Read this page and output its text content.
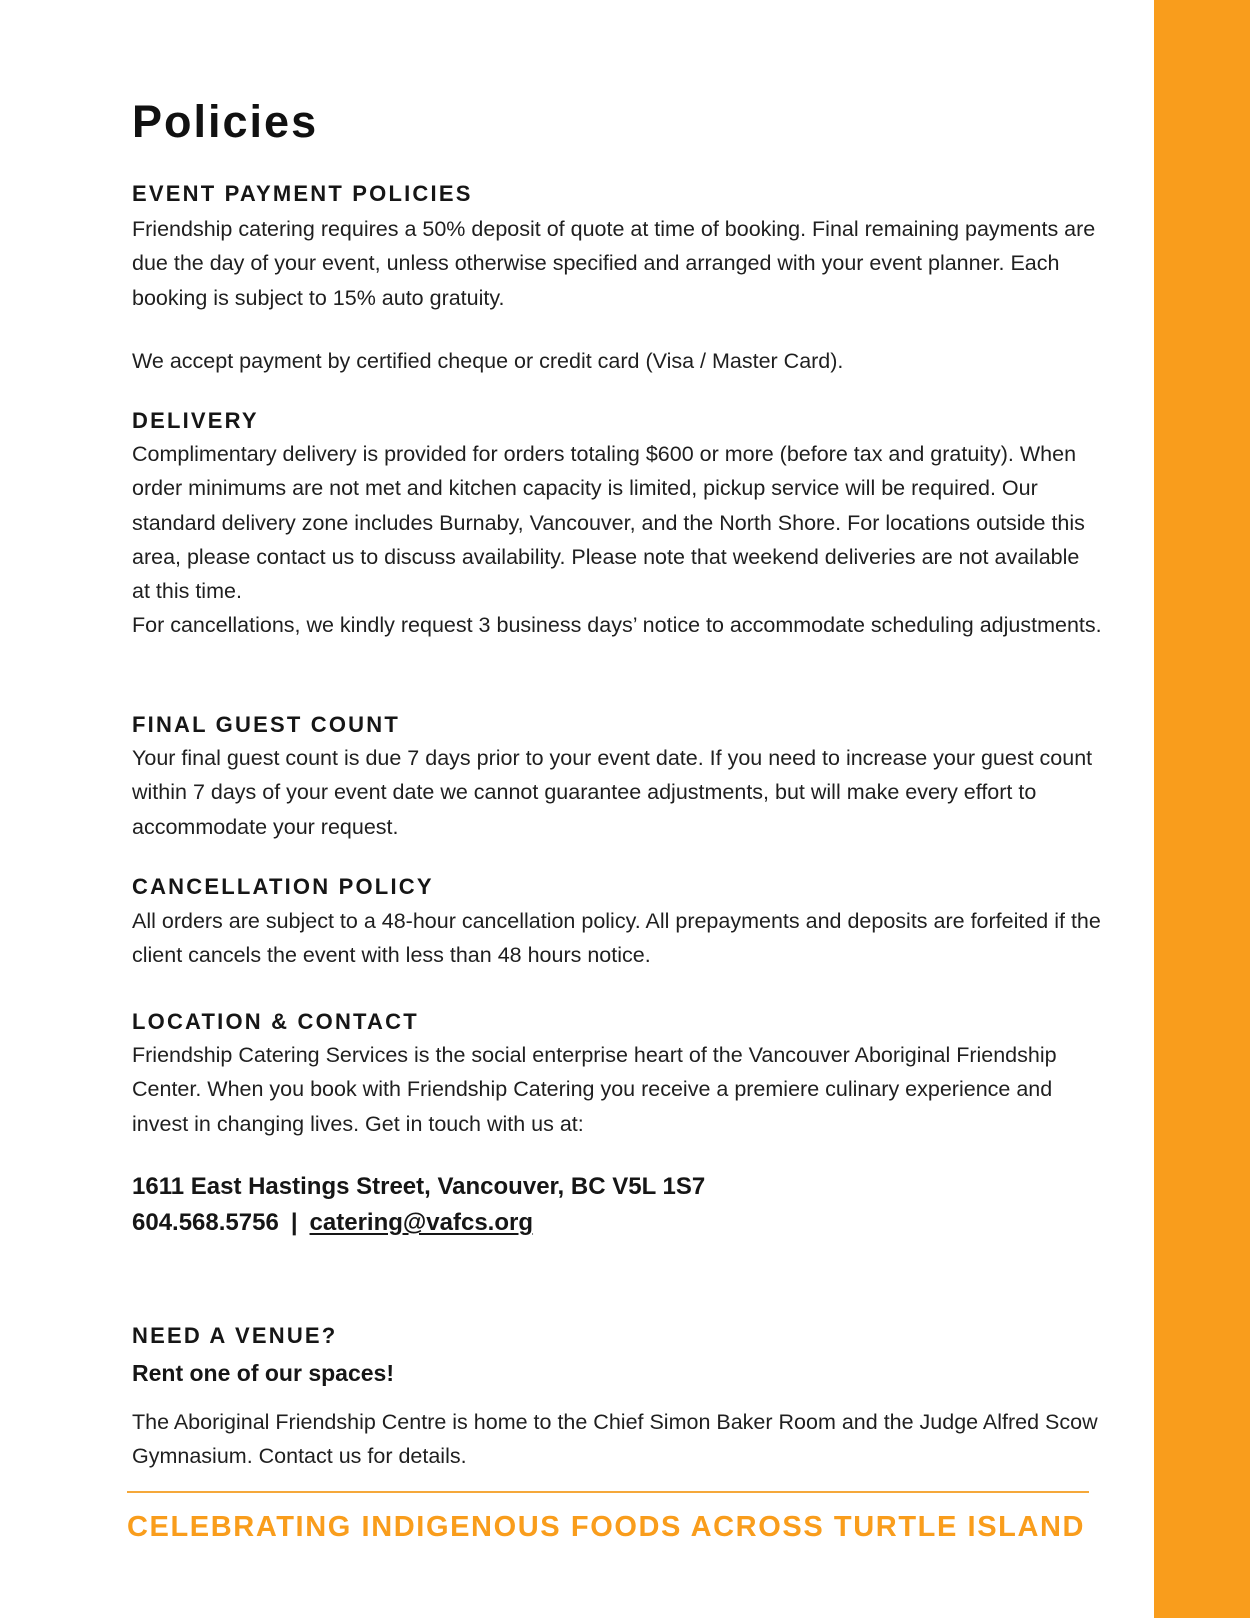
Policies
EVENT PAYMENT POLICIES
Friendship catering requires a 50% deposit of quote at time of booking. Final remaining payments are due the day of your event, unless otherwise specified and arranged with your event planner. Each booking is subject to 15% auto gratuity.
We accept payment by certified cheque or credit card (Visa / Master Card).
DELIVERY

Complimentary delivery is provided for orders totaling $600 or more (before tax and gratuity). When order minimums are not met and kitchen capacity is limited, pickup service will be required. Our standard delivery zone includes Burnaby, Vancouver, and the North Shore. For locations outside this area, please contact us to discuss availability. Please note that weekend deliveries are not available at this time.

For cancellations, we kindly request 3 business days’ notice to accommodate scheduling adjustments.

FINAL GUEST COUNT
Your final guest count is due 7 days prior to your event date. If you need to increase your guest count within 7 days of your event date we cannot guarantee adjustments, but will make every effort to accommodate your request.
CANCELLATION POLICY
All orders are subject to a 48-hour cancellation policy. All prepayments and deposits are forfeited if the client cancels the event with less than 48 hours notice.
LOCATION & CONTACT
Friendship Catering Services is the social enterprise heart of the Vancouver Aboriginal Friendship Center. When you book with Friendship Catering you receive a premiere culinary experience and invest in changing lives. Get in touch with us at:
1611 East Hastings Street, Vancouver, BC V5L 1S7
604.568.5756 | catering@vafcs.org
NEED A VENUE?
Rent one of our spaces!
The Aboriginal Friendship Centre is home to the Chief Simon Baker Room and the Judge Alfred Scow Gymnasium. Contact us for details.
CELEBRATING INDIGENOUS FOODS ACROSS TURTLE ISLAND
